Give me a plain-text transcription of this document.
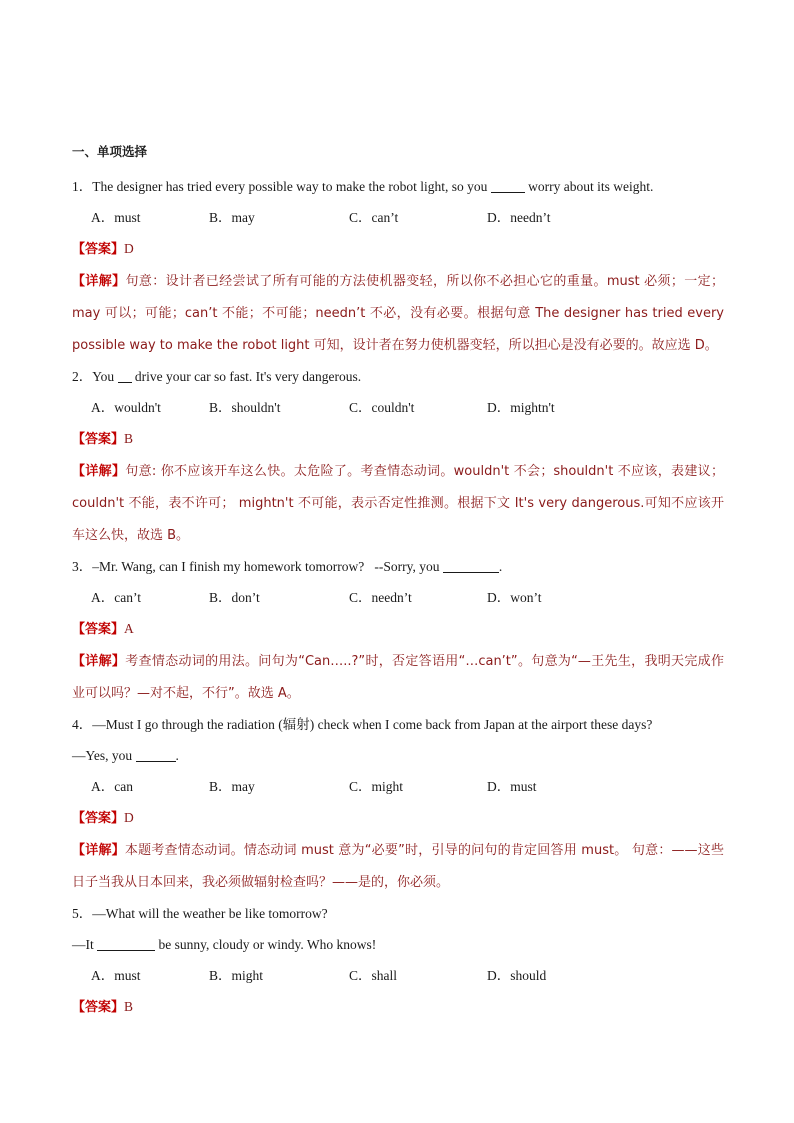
一、单项选择
1．The designer has tried every possible way to make the robot light, so you	worry about its weight.
A．must	B．may	C．can’t	D．needn’t
【答案】D
【详解】句意：设计者已经尝试了所有可能的方法使机器变轻，所以你不必担心它的重量。must 必须；一定；may 可以；可能；can’t 不能；不可能；needn’t 不必，没有必要。根据句意 The designer has tried every possible way to make the robot light 可知，设计者在努力使机器变轻，所以担心是没有必要的。故应选 D。
2．You drive your car so fast. It's very dangerous.
A．wouldn't	B．shouldn't	C．couldn't	D．mightn't
【答案】B
【详解】句意: 你不应该开车这么快。太危险了。考查情态动词。wouldn't 不会；shouldn't 不应该，表建议；couldn't 不能，表不许可； mightn't 不可能，表示否定性推测。根据下文 It's very dangerous.可知不应该开车这么快，故选 B。
3．–Mr. Wang, can I finish my homework tomorrow?   --Sorry, you	.
A．can’t	B．don’t	C．needn’t	D．won’t
【答案】A
【详解】考查情态动词的用法。问句为“Can…..?”时，否定答语用“…can’t”。句意为“—王先生，我明天完成作业可以吗？—对不起，不行”。故选 A。
4．—Must I go through the radiation (辐射) check when I come back from Japan at the airport these days?
—Yes, you	.
A．can	B．may	C．might	D．must
【答案】D
【详解】本题考查情态动词。情态动词 must 意为“必要”时，引导的问句的肯定回答用 must。 句意：——这些日子当我从日本回来，我必须做辐射检查吗？——是的，你必须。
5．—What will the weather be like tomorrow?
—It	be sunny, cloudy or windy. Who knows!
A．must	B．might	C．shall	D．should
【答案】B
